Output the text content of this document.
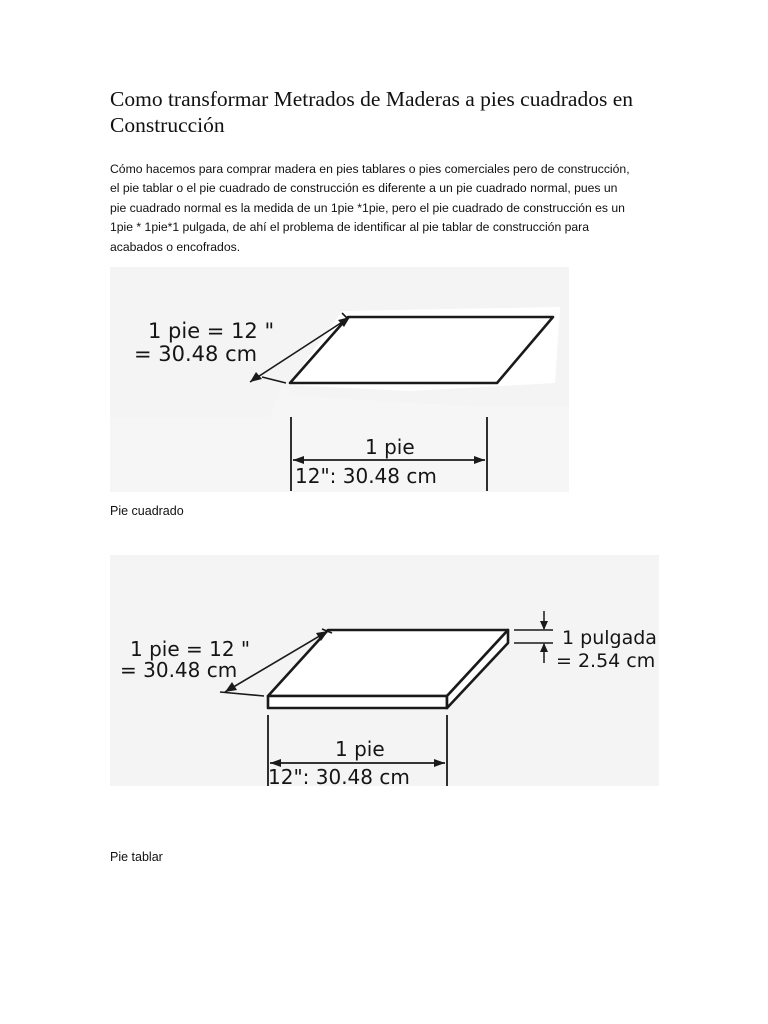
Como transformar Metrados de Maderas a pies cuadrados en Construcción

Cómo hacemos para comprar madera en pies tablares o pies comerciales pero de construcción, el pie tablar o el pie cuadrado de construcción es diferente a un pie cuadrado normal, pues un pie cuadrado normal es la medida de un 1pie *1pie, pero el pie cuadrado de construcción es un 1pie * 1pie*1 pulgada, de ahí el problema de identificar al pie tablar de construcción para acabados o encofrados.

1 pie = 12 "
= 30.48 cm
1 pie
12": 30.48 cm

Pie cuadrado

1 pie = 12 "
= 30.48 cm
1 pulgada
= 2.54 cm
1 pie
12": 30.48 cm

Pie tablar
